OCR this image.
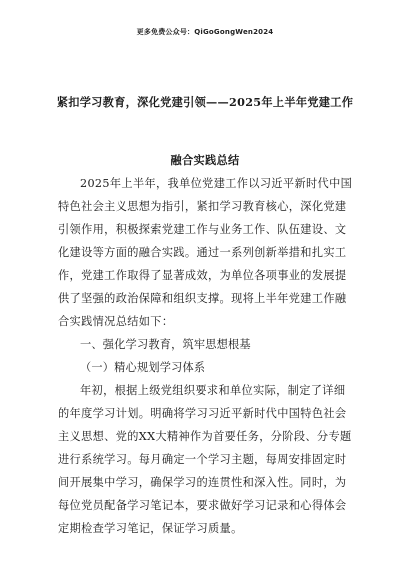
更多免费公众号：QiGoGongWen2024
紧扣学习教育，深化党建引领——2025年上半年党建工作
融合实践总结
2025年上半年，我单位党建工作以习近平新时代中国
特色社会主义思想为指引，紧扣学习教育核心，深化党建
引领作用，积极探索党建工作与业务工作、队伍建设、文
化建设等方面的融合实践。通过一系列创新举措和扎实工
作，党建工作取得了显著成效，为单位各项事业的发展提
供了坚强的政治保障和组织支撑。现将上半年党建工作融
合实践情况总结如下：
一、强化学习教育，筑牢思想根基
（一）精心规划学习体系
年初，根据上级党组织要求和单位实际，制定了详细
的年度学习计划。明确将学习习近平新时代中国特色社会
主义思想、党的XX大精神作为首要任务，分阶段、分专题
进行系统学习。每月确定一个学习主题，每周安排固定时
间开展集中学习，确保学习的连贯性和深入性。同时，为
每位党员配备学习笔记本，要求做好学习记录和心得体会
定期检查学习笔记，保证学习质量。
